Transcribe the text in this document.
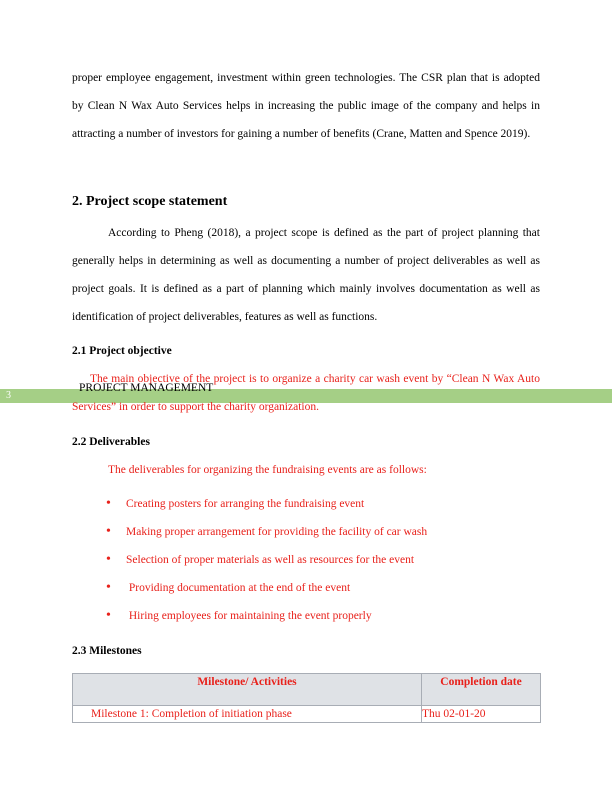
proper employee engagement, investment within green technologies. The CSR plan that is adopted by Clean N Wax Auto Services helps in increasing the public image of the company and helps in attracting a number of investors for gaining a number of benefits (Crane, Matten and Spence 2019).

2. Project scope statement

According to Pheng (2018), a project scope is defined as the part of project planning that generally helps in determining as well as documenting a number of project deliverables as well as project goals. It is defined as a part of planning which mainly involves documentation as well as identification of project deliverables, features as well as functions.

2.1 Project objective
3

The main objective of the project is to organize a charity car wash event by “Clean N Wax Auto Services” in order to support the charity organization.

PROJECT MANAGEMENT
2.2 Deliverables

The deliverables for organizing the fundraising events are as follows:

• Creating posters for arranging the fundraising event
• Making proper arrangement for providing the facility of car wash
• Selection of proper materials as well as resources for the event
• Providing documentation at the end of the event
• Hiring employees for maintaining the event properly
2.3 Milestones
Milestone/ Activities	Completion date
Milestone 1: Completion of initiation phase	Thu 02-01-20
